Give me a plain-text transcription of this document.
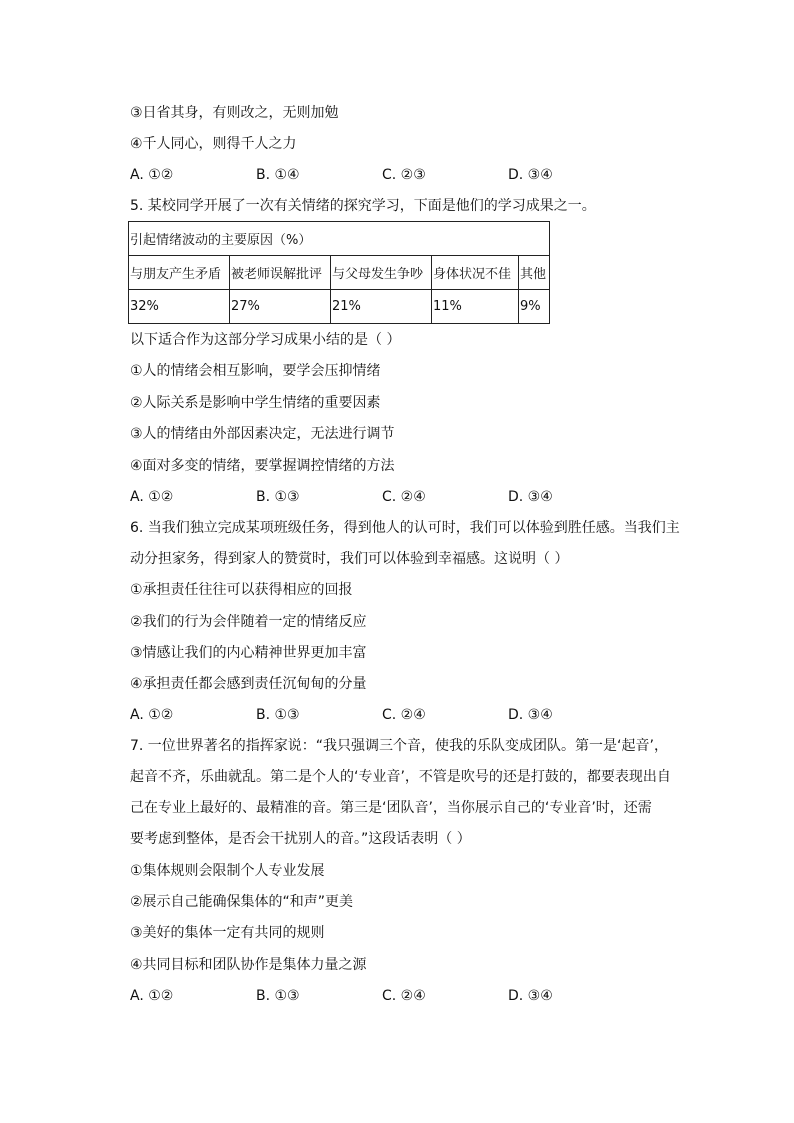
③日省其身，有则改之，无则加勉
④千人同心，则得千人之力
A. ①②	B. ①④	C. ②③	D. ③④
5. 某校同学开展了一次有关情绪的探究学习，下面是他们的学习成果之一。
引起情绪波动的主要原因（%）				
与朋友产生矛盾	被老师误解批评	与父母发生争吵	身体状况不佳	其他
32%	27%	21%	11%	9%
以下适合作为这部分学习成果小结的是（ ）
①人的情绪会相互影响，要学会压抑情绪
②人际关系是影响中学生情绪的重要因素
③人的情绪由外部因素决定，无法进行调节
④面对多变的情绪，要掌握调控情绪的方法
A. ①②	B. ①③	C. ②④	D. ③④
6. 当我们独立完成某项班级任务，得到他人的认可时，我们可以体验到胜任感。当我们主
动分担家务，得到家人的赞赏时，我们可以体验到幸福感。这说明（ ）
①承担责任往往可以获得相应的回报
②我们的行为会伴随着一定的情绪反应
③情感让我们的内心精神世界更加丰富
④承担责任都会感到责任沉甸甸的分量
A. ①②	B. ①③	C. ②④	D. ③④
7. 一位世界著名的指挥家说：“我只强调三个音，使我的乐队变成团队。第一是‘起音’，
起音不齐，乐曲就乱。第二是个人的‘专业音’，不管是吹号的还是打鼓的，都要表现出自
己在专业上最好的、最精准的音。第三是‘团队音’，当你展示自己的‘专业音’时，还需
要考虑到整体，是否会干扰别人的音。”这段话表明（ ）
①集体规则会限制个人专业发展
②展示自己能确保集体的“和声”更美
③美好的集体一定有共同的规则
④共同目标和团队协作是集体力量之源
A. ①②	B. ①③	C. ②④	D. ③④
